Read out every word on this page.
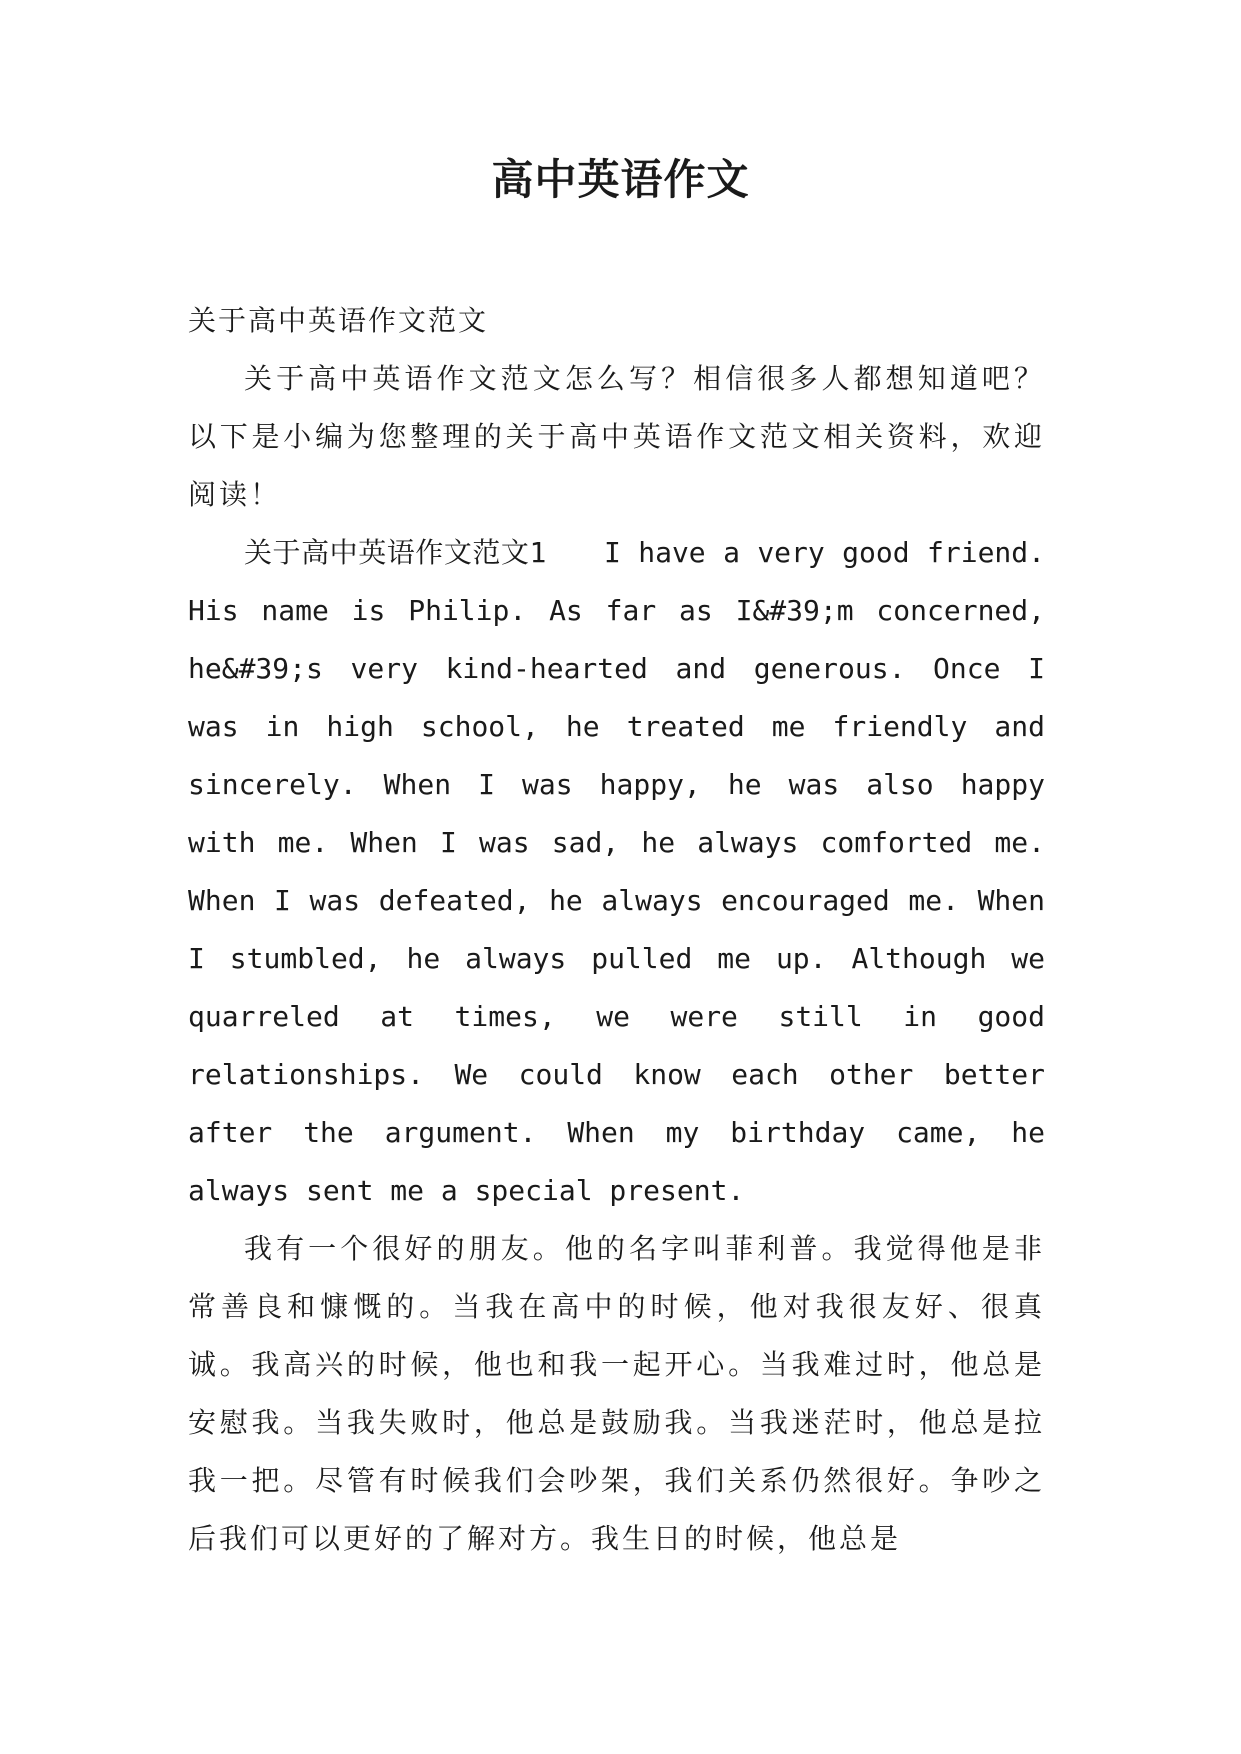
高中英语作文

关于高中英语作文范文

关于高中英语作文范文怎么写？相信很多人都想知道吧？以下是小编为您整理的关于高中英语作文范文相关资料，欢迎阅读！

关于高中英语作文范文1　　I have a very good friend. His name is Philip. As far as I&#39;m concerned, he&#39;s very kind-hearted and generous. Once I was in high school, he treated me friendly and sincerely. When I was happy, he was also happy with me. When I was sad, he always comforted me. When I was defeated, he always encouraged me. When I stumbled, he always pulled me up. Although we quarreled at times, we were still in good relationships. We could know each other better after the argument. When my birthday came, he always sent me a special present.

我有一个很好的朋友。他的名字叫菲利普。我觉得他是非常善良和慷慨的。当我在高中的时候，他对我很友好、很真诚。我高兴的时候，他也和我一起开心。当我难过时，他总是安慰我。当我失败时，他总是鼓励我。当我迷茫时，他总是拉我一把。尽管有时候我们会吵架，我们关系仍然很好。争吵之后我们可以更好的了解对方。我生日的时候，他总是
